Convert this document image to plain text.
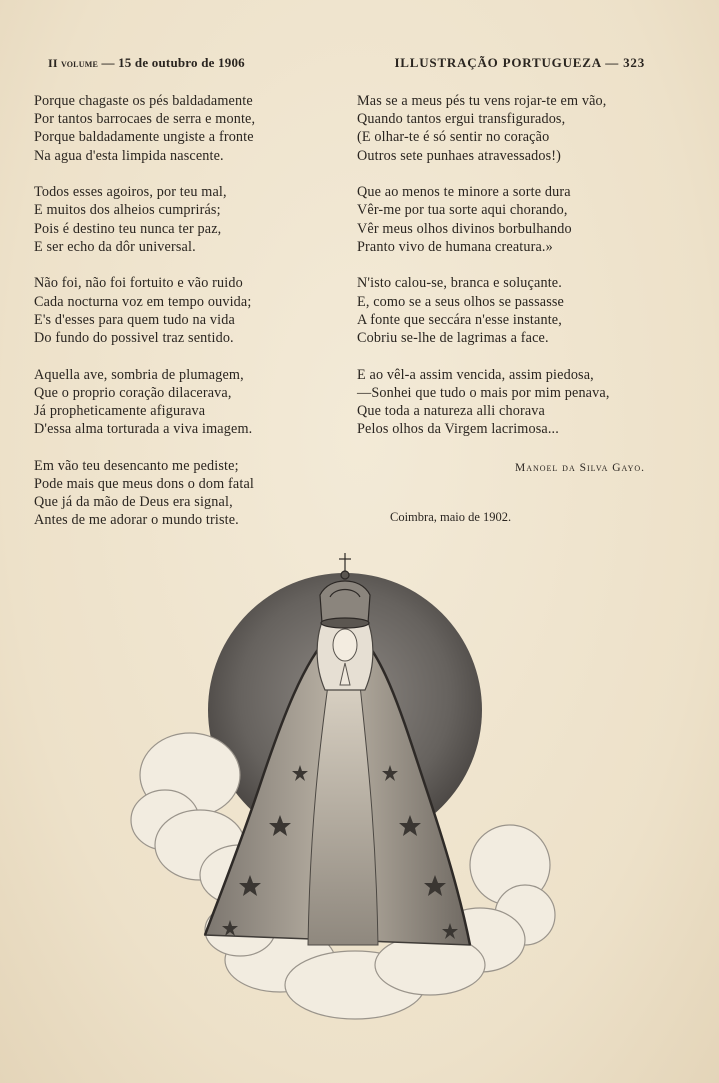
II volume — 15 de outubro de 1906	ILLUSTRAÇÃO PORTUGUEZA — 323
Porque chagaste os pés baldadamente
Por tantos barrocaes de serra e monte,
Porque baldadamente ungiste a fronte
Na agua d'esta limpida nascente.
Todos esses agoiros, por teu mal,
E muitos dos alheios cumprirás;
Pois é destino teu nunca ter paz,
E ser echo da dôr universal.
Não foi, não foi fortuito e vão ruido
Cada nocturna voz em tempo ouvida;
E's d'esses para quem tudo na vida
Do fundo do possivel traz sentido.
Aquella ave, sombria de plumagem,
Que o proprio coração dilacerava,
Já propheticamente afigurava
D'essa alma torturada a viva imagem.
Em vão teu desencanto me pediste;
Pode mais que meus dons o dom fatal
Que já da mão de Deus era signal,
Antes de me adorar o mundo triste.
Mas se a meus pés tu vens rojar-te em vão,
Quando tantos ergui transfigurados,
(E olhar-te é só sentir no coração
Outros sete punhaes atravessados!)
Que ao menos te minore a sorte dura
Vêr-me por tua sorte aqui chorando,
Vêr meus olhos divinos borbulhando
Pranto vivo de humana creatura.»
N'isto calou-se, branca e soluçante.
E, como se a seus olhos se passasse
A fonte que seccára n'esse instante,
Cobriu se-lhe de lagrimas a face.
E ao vêl-a assim vencida, assim piedosa,
—Sonhei que tudo o mais por mim penava,
Que toda a natureza alli chorava
Pelos olhos da Virgem lacrimosa...
Manoel da Silva Gayo.
Coimbra, maio de 1902.
